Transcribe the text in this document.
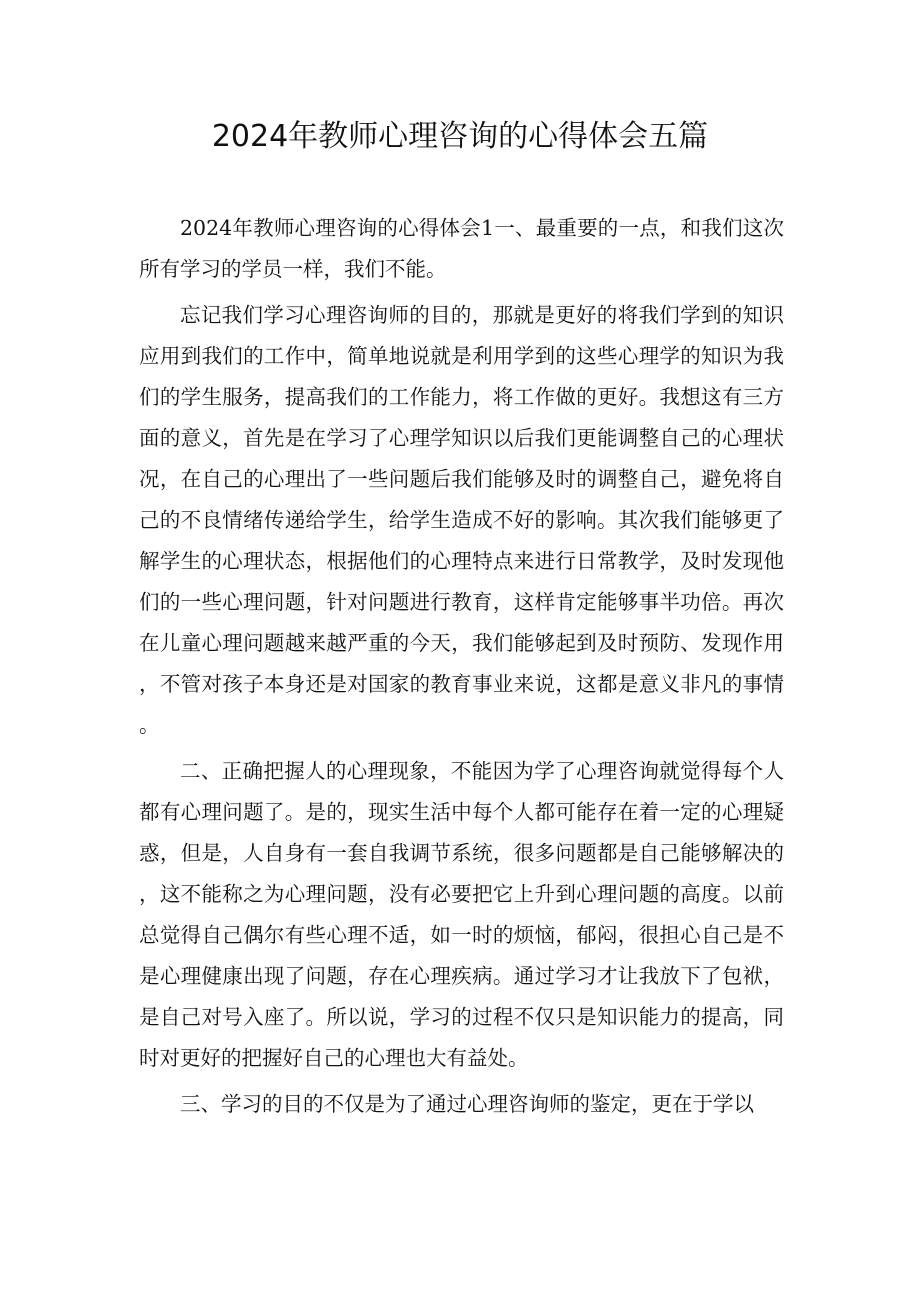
2024年教师心理咨询的心得体会五篇

2024年教师心理咨询的心得体会1一、最重要的一点，和我们这次所有学习的学员一样，我们不能。

忘记我们学习心理咨询师的目的，那就是更好的将我们学到的知识应用到我们的工作中，简单地说就是利用学到的这些心理学的知识为我们的学生服务，提高我们的工作能力，将工作做的更好。我想这有三方面的意义，首先是在学习了心理学知识以后我们更能调整自己的心理状况，在自己的心理出了一些问题后我们能够及时的调整自己，避免将自己的不良情绪传递给学生，给学生造成不好的影响。其次我们能够更了解学生的心理状态，根据他们的心理特点来进行日常教学，及时发现他们的一些心理问题，针对问题进行教育，这样肯定能够事半功倍。再次在儿童心理问题越来越严重的今天，我们能够起到及时预防、发现作用，不管对孩子本身还是对国家的教育事业来说，这都是意义非凡的事情。

二、正确把握人的心理现象，不能因为学了心理咨询就觉得每个人都有心理问题了。是的，现实生活中每个人都可能存在着一定的心理疑惑，但是，人自身有一套自我调节系统，很多问题都是自己能够解决的，这不能称之为心理问题，没有必要把它上升到心理问题的高度。以前总觉得自己偶尔有些心理不适，如一时的烦恼，郁闷，很担心自己是不是心理健康出现了问题，存在心理疾病。通过学习才让我放下了包袱，是自己对号入座了。所以说，学习的过程不仅只是知识能力的提高，同时对更好的把握好自己的心理也大有益处。

三、学习的目的不仅是为了通过心理咨询师的鉴定，更在于学以
